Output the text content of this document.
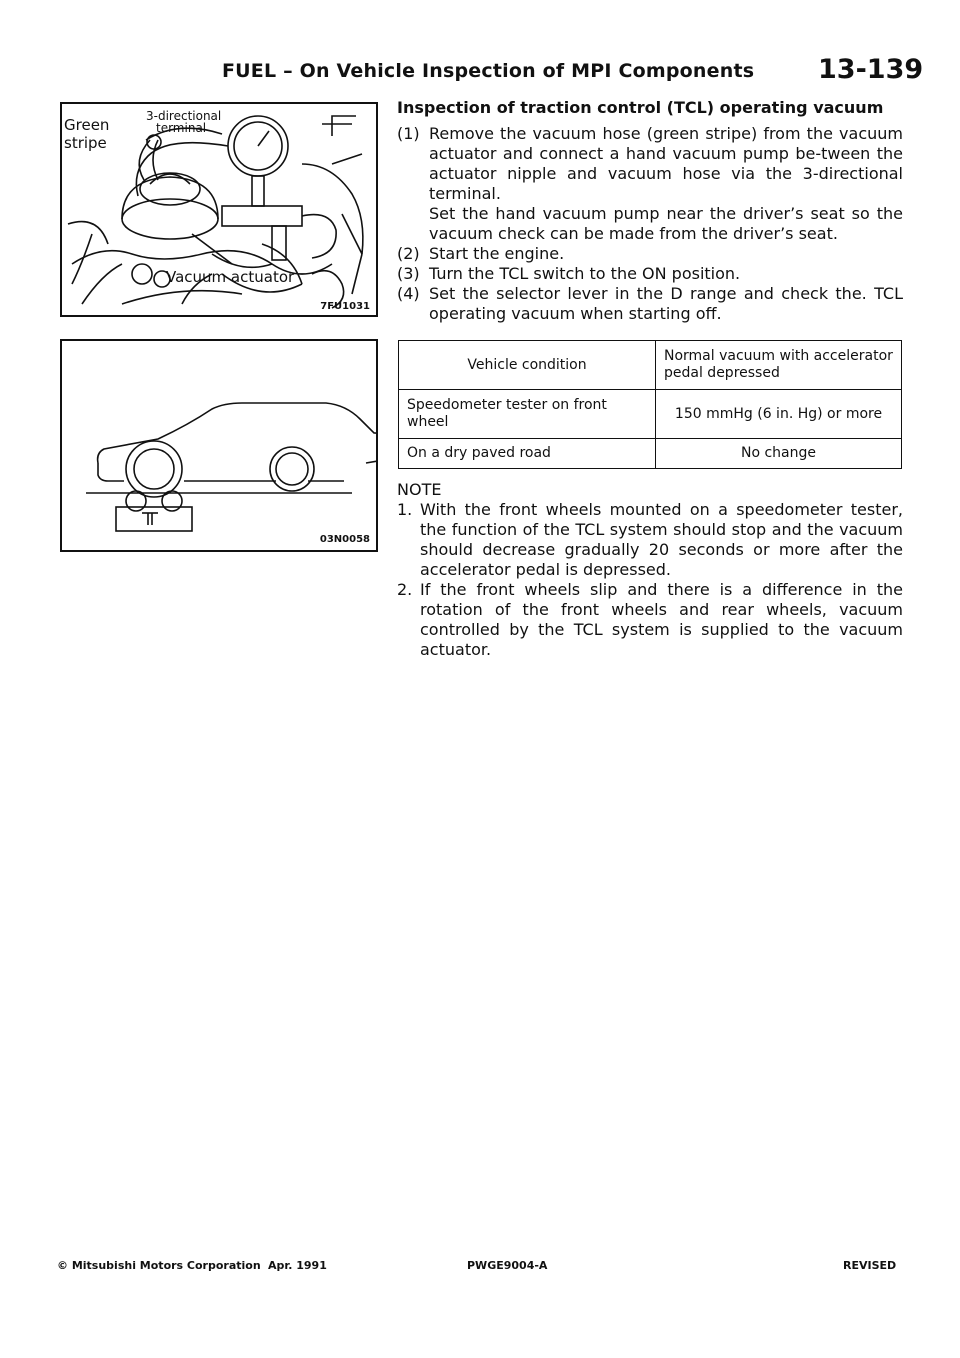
FUEL – On Vehicle Inspection of MPI Components 13-139
3-directional
terminal
Green
stripe
Vacuum actuator
7FU1031
03N0058
Inspection of traction control (TCL) operating vacuum
(1) Remove the vacuum hose (green stripe) from the vacuum actuator and connect a hand vacuum pump be-tween the actuator nipple and vacuum hose via the 3-directional terminal.

Set the hand vacuum pump near the driver’s seat so the vacuum check can be made from the driver’s seat.

(2) Start the engine.

(3) Turn the TCL switch to the ON position.

(4) Set the selector lever in the D range and check the. TCL operating vacuum when starting off.

Vehicle condition	Normal vacuum with accelerator pedal depressed
Speedometer tester on front wheel	150 mmHg (6 in. Hg) or more
On a dry paved road	No change
NOTE
1. With the front wheels mounted on a speedometer tester, the function of the TCL system should stop and the vacuum should decrease gradually 20 seconds or more after the accelerator pedal is depressed.
2. If the front wheels slip and there is a difference in the rotation of the front wheels and rear wheels, vacuum controlled by the TCL system is supplied to the vacuum actuator.
© Mitsubishi Motors Corporation Apr. 1991	PWGE9004-A	REVISED
